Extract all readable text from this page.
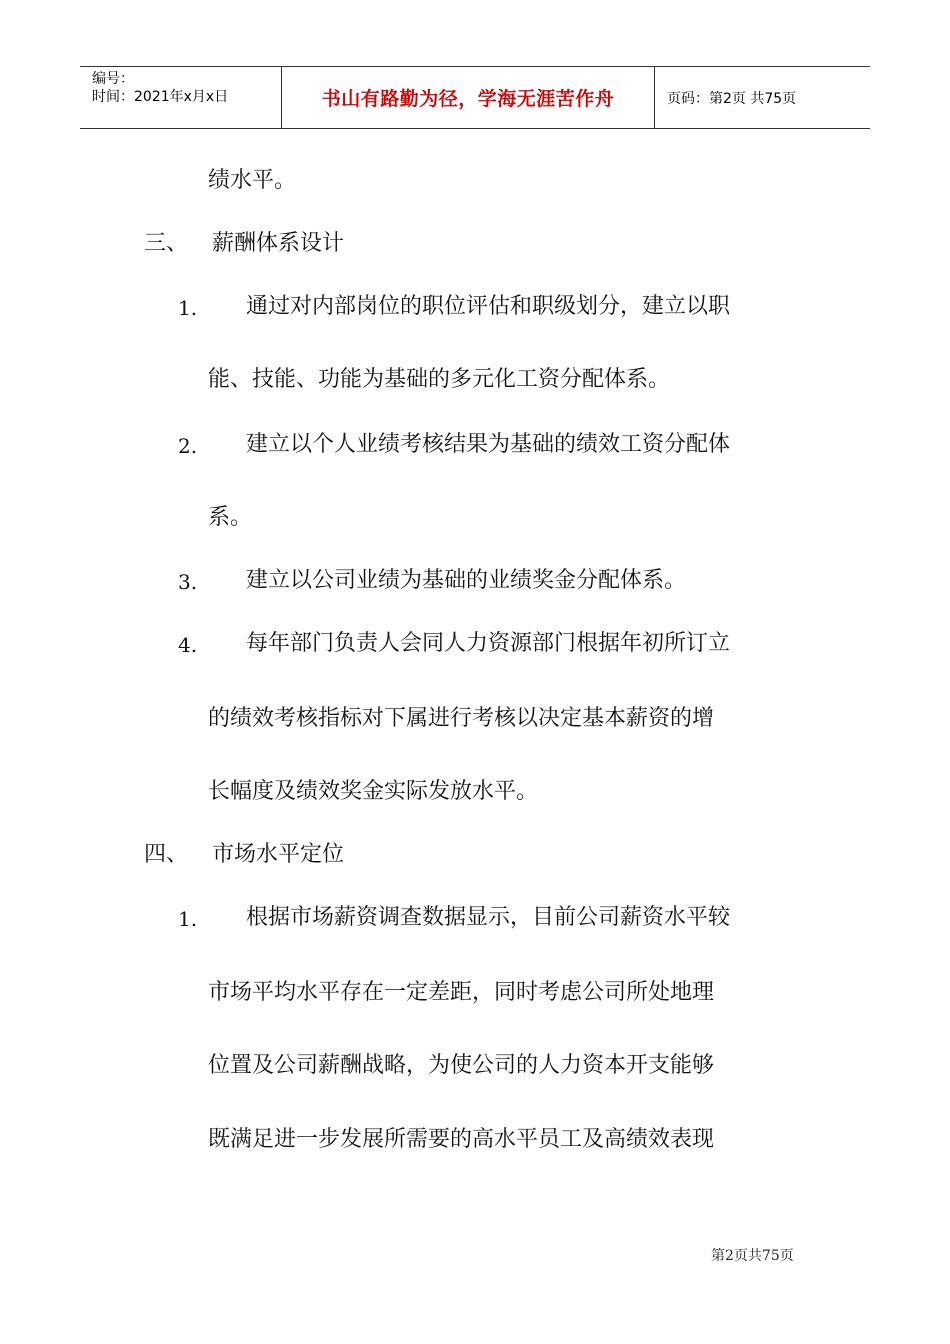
编号：
时间：2021年x月x日	书山有路勤为径，学海无涯苦作舟	页码：第2页 共75页
绩水平。
三、 薪酬体系设计
1. 通过对内部岗位的职位评估和职级划分，建立以职
能、技能、功能为基础的多元化工资分配体系。
2. 建立以个人业绩考核结果为基础的绩效工资分配体
系。
3. 建立以公司业绩为基础的业绩奖金分配体系。
4. 每年部门负责人会同人力资源部门根据年初所订立
的绩效考核指标对下属进行考核以决定基本薪资的增
长幅度及绩效奖金实际发放水平。
四、 市场水平定位
1. 根据市场薪资调查数据显示，目前公司薪资水平较
市场平均水平存在一定差距，同时考虑公司所处地理
位置及公司薪酬战略，为使公司的人力资本开支能够
既满足进一步发展所需要的高水平员工及高绩效表现
第2页共75页
